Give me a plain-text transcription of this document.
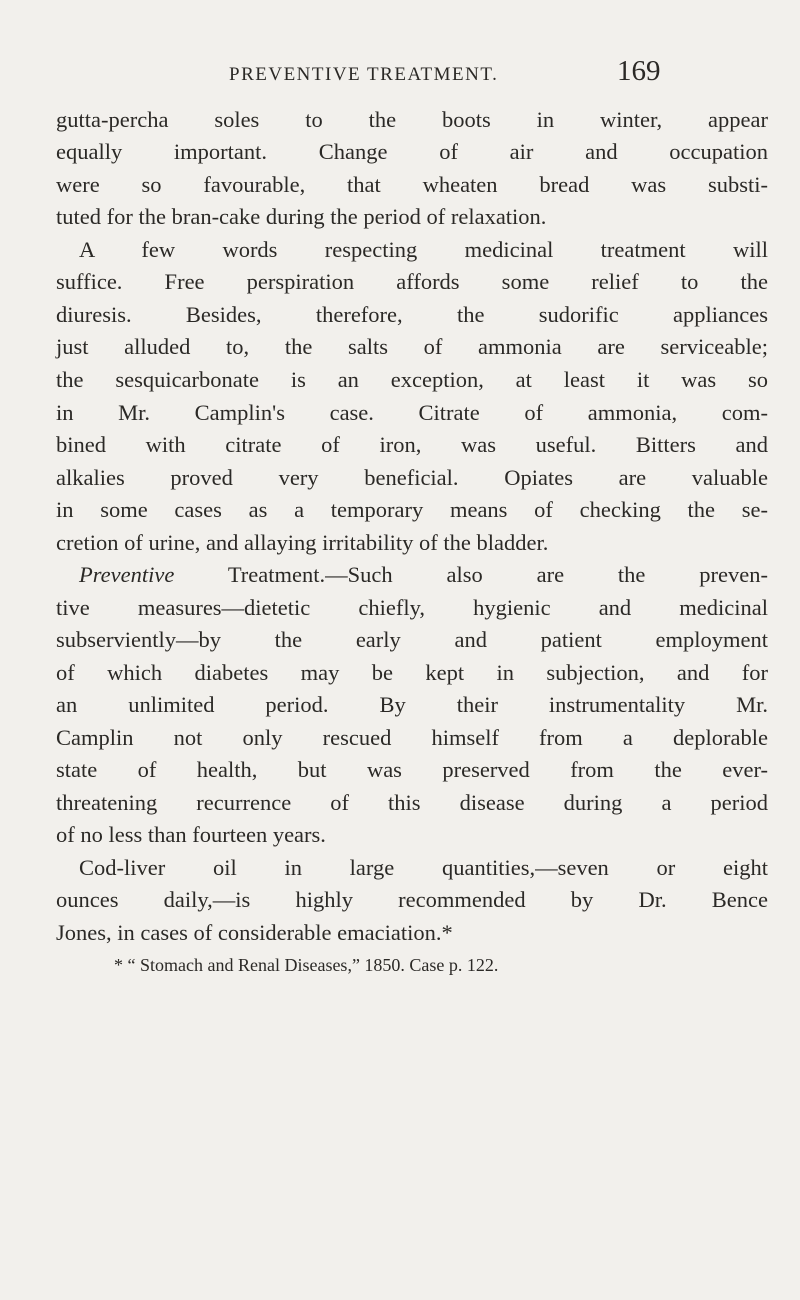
PREVENTIVE TREATMENT.	169
gutta-percha soles to the boots in winter, appear
equally important. Change of air and occupation
were so favourable, that wheaten bread was substi-
tuted for the bran-cake during the period of relaxation.
A few words respecting medicinal treatment will
suffice. Free perspiration affords some relief to the
diuresis. Besides, therefore, the sudorific appliances
just alluded to, the salts of ammonia are serviceable;
the sesquicarbonate is an exception, at least it was so
in Mr. Camplin's case. Citrate of ammonia, com-
bined with citrate of iron, was useful. Bitters and
alkalies proved very beneficial. Opiates are valuable
in some cases as a temporary means of checking the se-
cretion of urine, and allaying irritability of the bladder.
Preventive Treatment.—Such also are the preven-
tive measures—dietetic chiefly, hygienic and medicinal
subserviently—by the early and patient employment
of which diabetes may be kept in subjection, and for
an unlimited period. By their instrumentality Mr.
Camplin not only rescued himself from a deplorable
state of health, but was preserved from the ever-
threatening recurrence of this disease during a period
of no less than fourteen years.
Cod-liver oil in large quantities,—seven or eight
ounces daily,—is highly recommended by Dr. Bence
Jones, in cases of considerable emaciation.*
* “ Stomach and Renal Diseases,” 1850. Case p. 122.
